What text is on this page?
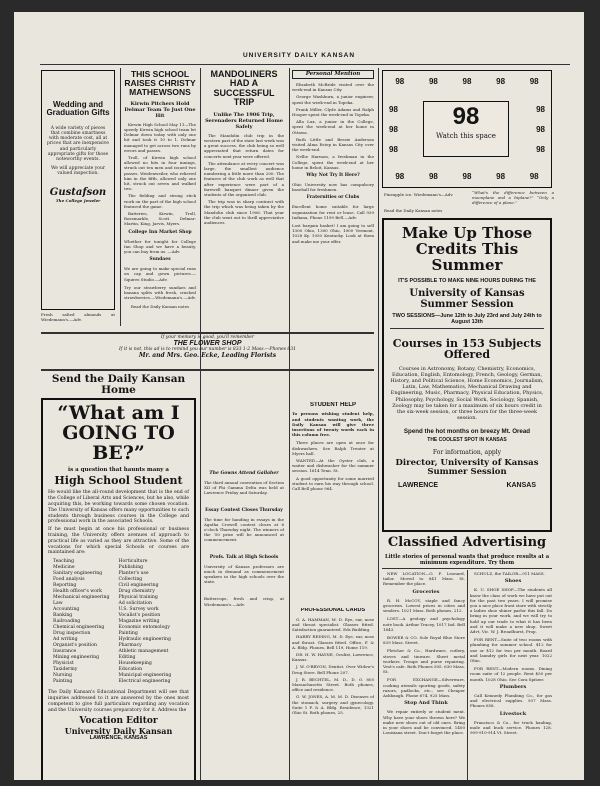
UNIVERSITY DAILY KANSAN
Wedding and Graduation Gifts
A wide variety of pieces that combine smartness with moderate cost, all at prices that are inexpensive and particularly appropriate gifts for those noteworthy events.
We will appreciate your valued inspection.
Gustafson
The College Jeweler
Fresh salted almonds at Wiedemann's.—Adv.
THIS SCHOOL RAISES CHRISTY MATHEWSONS
Kirwin Pitchers Hold Delmar Team To Just One Hit

Kirwin High School May 11—The speedy Kirwin high school team let Delmar down today with only one hit and took it 10 to 1. Delmar managed to get across two runs by errors and passes.

Troll, of Kirwin high school allowed no hits in four innings, struck out ten men and issued two passes. Weidenweiler, who relieved him in the fifth, allowed only one hit, struck out seven and walked two.

The fielding and strong stick work on the part of the high school featured the game.

Batteries, Kirwin, Troll, Rosemarkle, Scott. Delmar: Martin, King, Jarvis, Myers.

College Inn Market Shop
Whether for tonight for College Inn Shop and we have a beauty, you can buy from us. —Adv.
Sundaes
We are going to make special runs on cap and gown pictures.—Squires Studio.—Adv.
Try our strawberry sundaes and banana splits with fresh, crushed strawberries.—Wiedemann's.—Adv.
Read the Daily Kansan notes
MANDOLINERS HAD A SUCCESSFUL TRIP
Unlike The 1906 Trip, Serenaders Returned Home Safely

The Mandolin club trip in the western part of the state last week was a great success, the club being so well appreciated that return dates for concerts next year were offered.

The attendance at every concert was large, the smallest audience numbering a little more than 200. The features of the club work as well that after experience were part of a farewell banquet dinner given the students of the organized club.

The trip was in sharp contrast with the trip which was being taken by the Mandolin club since 1906. That year the club went out to thrill appreciative audiences.

The Gowns Attend Gallaher
The third annual convention of Section XII of Phi Gamma Delta was held at Lawrence Friday and Saturday.
Essay Contest Closes Thursday
The time for handing in essays in the Agatha Crowell contest closes at 6 o'clock Thursday night. The winners of the ’50 prize will be announced at commencement.
Profs. Talk at High Schools
University of Kansas professors are much in demand as commencement speakers in the high schools over the state.
Buttercups, fresh and crisp, at Wiedemann's.—Adv.
Personal Mention

Elizabeth McBride visited over the week-end in Kansas City.

George Washburn, a junior engineer, spent the week-end in Topeka.

Frank Miller, Clyde Adams and Ralph Hooper spent the week-end in Topeka.

Alla Lux, a junior in the College, spent the week-end at her home in Ottawa.

Ruth Little and Bessie Anderson visited Alma Estep in Kansas City over the week-end.

Nellie Harmon, a freshman in the College, spent the week-end at her home in Beloit, Kansas.

Why Not Try It Here?
Ohio University now has compulsory baseball for freshmen.
Fraternities or Clubs
Excellent home suitable for large organization for rent or lease. Call 939 Indiana, Phone 1199 Bell.—Adv.
Lost bargain basket! I am going to sell 1300 Ohio, 1300 Ohio, 1000 Vermont, 1028 Ky. 1050 Kentucky. Look at them and make me your offer.
STUDENT HELP
To persons wishing student help, and students wanting work, the Daily Kansan will give three insertions of twenty words each in this column free.

Three places are open at once for dishwashers. See Ralph Trenter at Myers hall.

WANTED—At the Oyster club, a waiter and dishwasher for the summer session. 1614 Tenn. St.

A good opportunity for some married student to earn his way through school. Call Bell phone 964.

PROFESSIONAL CARDS

G. A. HAMMAN, M. D. Eye, ear, nose and throat specialist. Glasses fitted. Satisfaction guaranteed. Eds Building.

HARRY REDING, M. D. Eye, ear, nose and throat. Glasses fitted. Office, F. & A. Bldg. Phones, Bell 119, Home 119.

DR. H. W. HAYNE, Oculist, Lawrence, Kansas.

J. W. O'BRYON, Dentist. Over Widow's Drug Store. Bell Phone 207.

J. R. BECHTEL, M. D., D. O. 805 Massachusetts Street. Both phones, office and residence.

G. W. JONES, A. M. M. D. Diseases of the stomach, surgery and gynecology. Suite 1 F. & A. Bldg. Residence, 1321 Ohio St. Both phones, 25.

98	98	98	98	98
98	98	98	98	98
98
98
98
98
98
98
98
Watch this space
Pineapple ice. Wiedemann's—Adv.	“What's the difference between a moonplane and a biplane?” “Only a difference of a plane.”
Read the Daily Kansan notes
Make Up Those Credits This Summer
IT'S POSSIBLE TO MAKE NINE HOURS DURING THE
University of Kansas Summer Session
TWO SESSIONS—June 12th to July 23rd and July 24th to August 13th
Courses in 153 Subjects Offered
Courses in Astronomy, Botany, Chemistry, Economics, Education, English, Entomology, French, Geology, German, History, and Political Science, Home Economics, Journalism, Latin, Law, Mathematics, Mechanical Drawing and Engineering, Music, Pharmacy, Physical Education, Physics, Philosophy, Psychology, Social Work, Sociology, Spanish, Zoology may be taken for a maximum of six hours credit in the six-week session, or three hours for the three-week session.
Spend the hot months on breezy Mt. Oread
THE COOLEST SPOT IN KANSAS
For information, apply
Director, University of Kansas Summer Session
LAWRENCE	KANSAS
If your memory is good, you'll remember
THE FLOWER SHOP
If it is not, this ad is to remind you our number is 833 1-2 Mass.—Phones 631
Mr. and Mrs. Geo. Ecke, Leading Florists
Send the Daily Kansan Home
“What am I GOING TO BE?”
is a question that haunts many a
High School Student
He would like the all-round development that is the end of the College of Liberal Arts and Sciences, but he also, while acquiring this, be working towards some chosen vocation. The University of Kansas offers many opportunities to such students through business courses in the College and professional work in the associated Schools.
If he must begin at once his professional or business training, the University offers avenues of approach to practical life as varied as they are attractive. Some of the vocations for which special Schools or courses are maintained are:
Teaching	Horticulture
Medicine	Publishing
Sanitary engineering	Planter's use
Food analysis	Collecting
Reporting	Civil engineering
Health officer's work	Drug chemistry
Mechanical engineering	Physical training
Law	Ad solicitation
Accounting	U.S. Survey work
Banking	Vocalist's position
Railroading	Magazine writing
Chemical engineering	Economic entomology
Drug inspection	Painting
Ad writing	Hydraulic engineering
Organist's position	Pharmacy
Insurance	Athletic management
Mining engineering	Editing
Physicist	Housekeeping
Taxidermy	Education
Nursing	Municipal engineering
Painting	Electrical engineering
The Daily Kansan's Educational Department will see that inquiries addressed to it are answered by the ones most competent to give full particulars regarding any vocation and the University courses preparatory for it. Address the
Vocation Editor
University Daily Kansan
LAWRENCE, KANSAS
Classified Advertising
Little stories of personal wants that produce results at a minimum expenditure. Try them

NEW LOCATION—O. F. Leonard, tailor. Moved to 841 Mass. St. Remember the place.

Groceries

R. H. McCOY, staple and fancy groceries. Lowest prices in cities and senders. 1021 Mass. Both phones, 212.

LOST—A geology and psychology note book. Arthur Tracey, 1017 Ind. Bell 1843.

BOWER & CO. Sole Royal Blue Store 839 Mass. Street.

Fletcher & Co., Hardware, cutlery, stoves and tinware. Sheet metal workers. Troupe and purse repairing. Vest's cafe. Both Phones 505. 630 Mass. St.

FOR EXCHANGE—Silverware, cooking utensils sporting goods, safety razors, padlocks, etc., see Cheaper Ashbaugh. Phone 674, 925 Mass.

Stop And Think

We repair entirely or student ment. Why have your shoes thrown here? We make new shoes out of old ones. Bring in your shoes and be convinced. 1400 Louisiana street. Don't forget the place.

SCHULZ, the TAILOR—911 MASS.

Shoes

K. U. SHOE SHOP—The students all know the class of work we have put out for the past two years. I will promise you a nice place front store with strictly a ladies shoe shiner parlor this fall. Do bring in your work, and we will try to hold up our trade to what it has been and it will make a new shop. Sweet Advt, Vic. W. J. Broadhurst, Prop.

FOR RENT—Suite of two rooms with plumbing for summer school. $12 for one or $12 for two per month. Board and laundry girls for next year. 1022 Ohio.

FOR RENT—Modern rooms. Dining room suite of 12 people. Rent $50 per month. 1028 Ohio. See Cora Spitzer.

Plumbers

Call Kennedy Plumbing Co., for gas and electrical supplies. 937 Mass. Phones 658.

Livestock

Francisco & Co., for truck hauling, mule and buck service. Phones 128. 909-910-914 Vt. Street.
